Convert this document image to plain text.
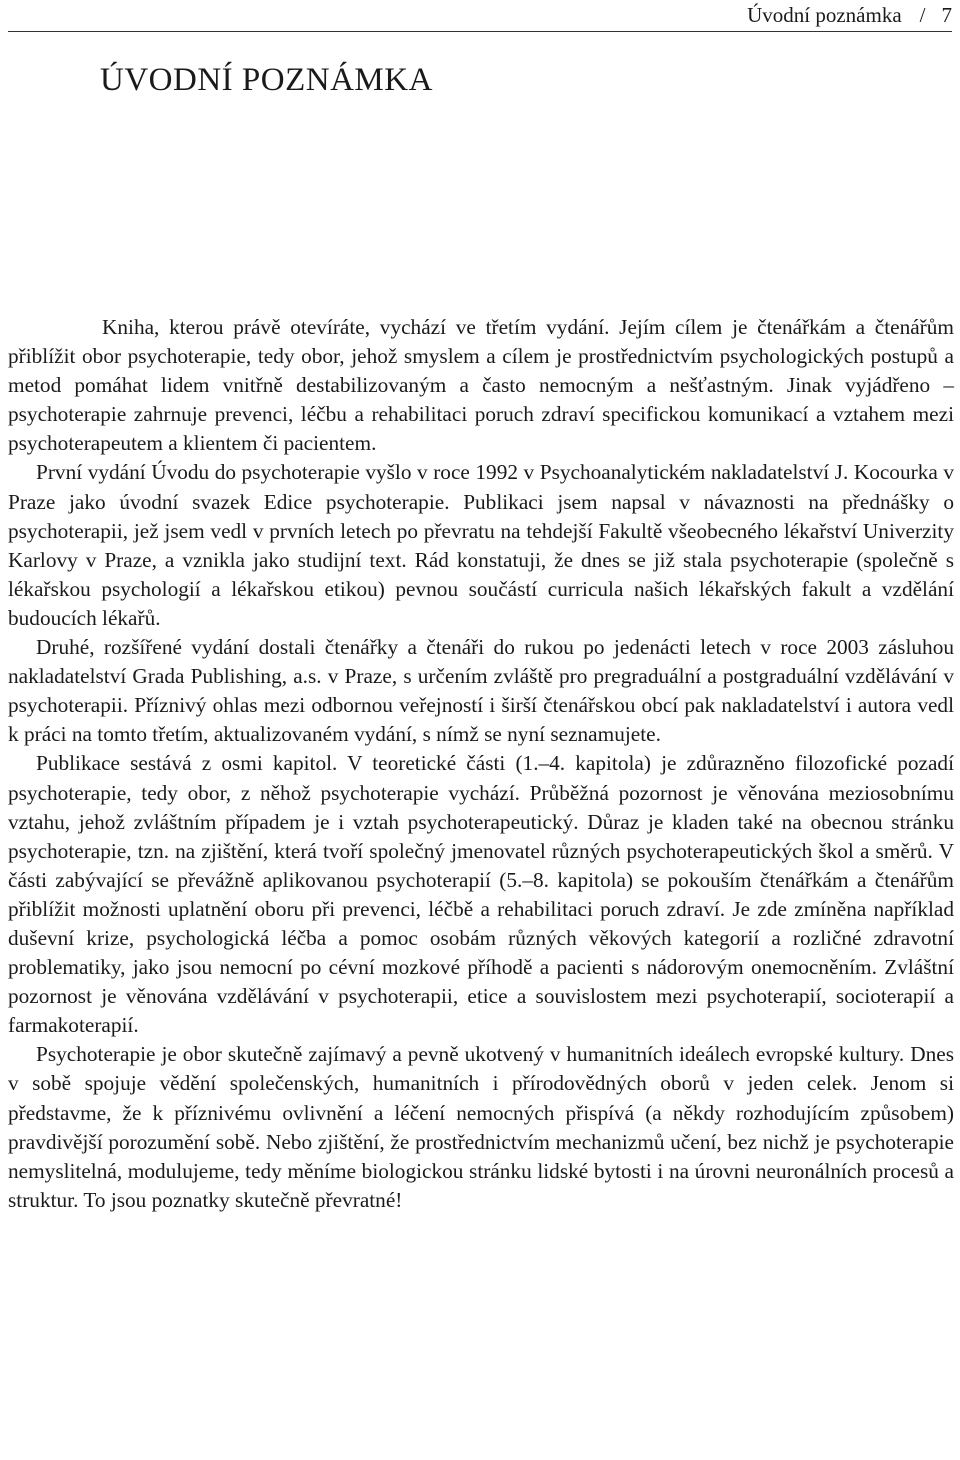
Úvodní poznámka / 7
ÚVODNÍ POZNÁMKA

Kniha, kterou právě otevíráte, vychází ve třetím vydání. Jejím cílem je čtenářkám a čtenářům přiblížit obor psychoterapie, tedy obor, jehož smyslem a cílem je prostřednictvím psychologických postupů a metod pomáhat lidem vnitřně destabilizovaným a často nemocným a nešťastným. Jinak vyjádřeno – psychoterapie zahrnuje prevenci, léčbu a rehabilitaci poruch zdraví specifickou komunikací a vztahem mezi psychoterapeutem a klientem či pacientem.

První vydání Úvodu do psychoterapie vyšlo v roce 1992 v Psychoanalytickém nakladatelství J. Kocourka v Praze jako úvodní svazek Edice psychoterapie. Publikaci jsem napsal v návaznosti na přednášky o psychoterapii, jež jsem vedl v prvních letech po převratu na tehdejší Fakultě všeobecného lékařství Univerzity Karlovy v Praze, a vznikla jako studijní text. Rád konstatuji, že dnes se již stala psychoterapie (společně s lékařskou psychologií a lékařskou etikou) pevnou součástí curricula našich lékařských fakult a vzdělání budoucích lékařů.

Druhé, rozšířené vydání dostali čtenářky a čtenáři do rukou po jedenácti letech v roce 2003 zásluhou nakladatelství Grada Publishing, a.s. v Praze, s určením zvláště pro pregraduální a postgraduální vzdělávání v psychoterapii. Příznivý ohlas mezi odbornou veřejností i širší čtenářskou obcí pak nakladatelství i autora vedl k práci na tomto třetím, aktualizovaném vydání, s nímž se nyní seznamujete.

Publikace sestává z osmi kapitol. V teoretické části (1.–4. kapitola) je zdůrazněno filozofické pozadí psychoterapie, tedy obor, z něhož psychoterapie vychází. Průběžná pozornost je věnována meziosobnímu vztahu, jehož zvláštním případem je i vztah psychoterapeutický. Důraz je kladen také na obecnou stránku psychoterapie, tzn. na zjištění, která tvoří společný jmenovatel různých psychoterapeutických škol a směrů. V části zabývající se převážně aplikovanou psychoterapií (5.–8. kapitola) se pokouším čtenářkám a čtenářům přiblížit možnosti uplatnění oboru při prevenci, léčbě a rehabilitaci poruch zdraví. Je zde zmíněna například duševní krize, psychologická léčba a pomoc osobám různých věkových kategorií a rozličné zdravotní problematiky, jako jsou nemocní po cévní mozkové příhodě a pacienti s nádorovým onemocněním. Zvláštní pozornost je věnována vzdělávání v psychoterapii, etice a souvislostem mezi psychoterapií, socioterapií a farmakoterapií.

Psychoterapie je obor skutečně zajímavý a pevně ukotvený v humanitních ideálech evropské kultury. Dnes v sobě spojuje vědění společenských, humanitních i přírodovědných oborů v jeden celek. Jenom si představme, že k příznivému ovlivnění a léčení nemocných přispívá (a někdy rozhodujícím způsobem) pravdivější porozumění sobě. Nebo zjištění, že prostřednictvím mechanizmů učení, bez nichž je psychoterapie nemyslitelná, modulujeme, tedy měníme biologickou stránku lidské bytosti i na úrovni neuronálních procesů a struktur. To jsou poznatky skutečně převratné!
